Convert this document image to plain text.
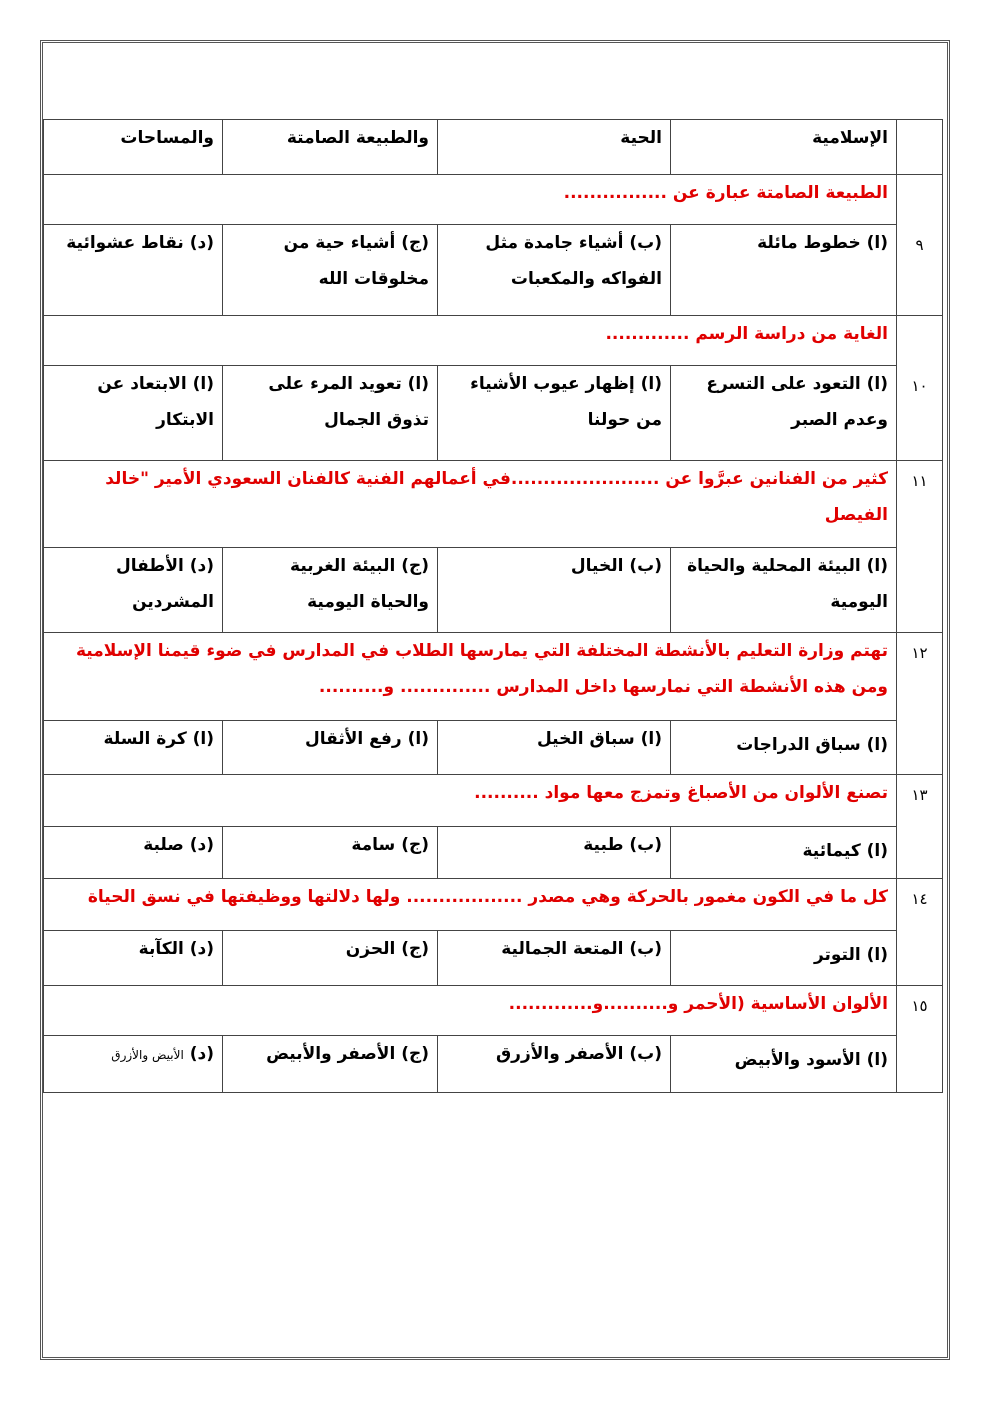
	الإسلامية	الحية	والطبيعة الصامتة	والمساحات
٩	الطبيعة الصامتة عبارة عن ................			
	(ا) خطوط مائلة	(ب) أشياء جامدة مثل الفواكه والمكعبات	(ج) أشياء حية من مخلوقات الله	(د) نقاط عشوائية
١٠	الغاية من دراسة الرسم .............			
	(ا) التعود على التسرع وعدم الصبر	(ا) إظهار عيوب الأشياء من حولنا	(ا) تعويد المرء على تذوق الجمال	(ا) الابتعاد عن الابتكار
١١	كثير من الفنانين عبرَّوا عن .......................في أعمالهم الفنية كالفنان السعودي الأمير "خالد الفيصل			
	(ا) البيئة المحلية والحياة اليومية	(ب) الخيال	(ج) البيئة الغربية والحياة اليومية	(د) الأطفال المشردين
١٢	تهتم وزارة التعليم بالأنشطة المختلفة التي يمارسها الطلاب في المدارس في ضوء قيمنا الإسلامية
ومن هذه الأنشطة التي نمارسها داخل المدارس .............. و..........			

	(ا) سباق الدراجات	(ا) سباق الخيل	(ا) رفع الأثقال	(ا) كرة السلة
١٣	تصنع الألوان من الأصباغ وتمزج معها مواد ..........			
	(ا) كيمائية	(ب) طبية	(ج) سامة	(د) صلبة
١٤	كل ما في الكون مغمور بالحركة وهي مصدر .................. ولها دلالتها ووظيفتها في نسق الحياة			
	(ا) التوتر	(ب) المتعة الجمالية	(ج) الحزن	(د) الكآبة
١٥	الألوان الأساسية (الأحمر و..........و.............			
	(ا) الأسود والأبيض	(ب) الأصفر والأزرق	(ج) الأصفر والأبيض	(د) الأبيض والأزرق
